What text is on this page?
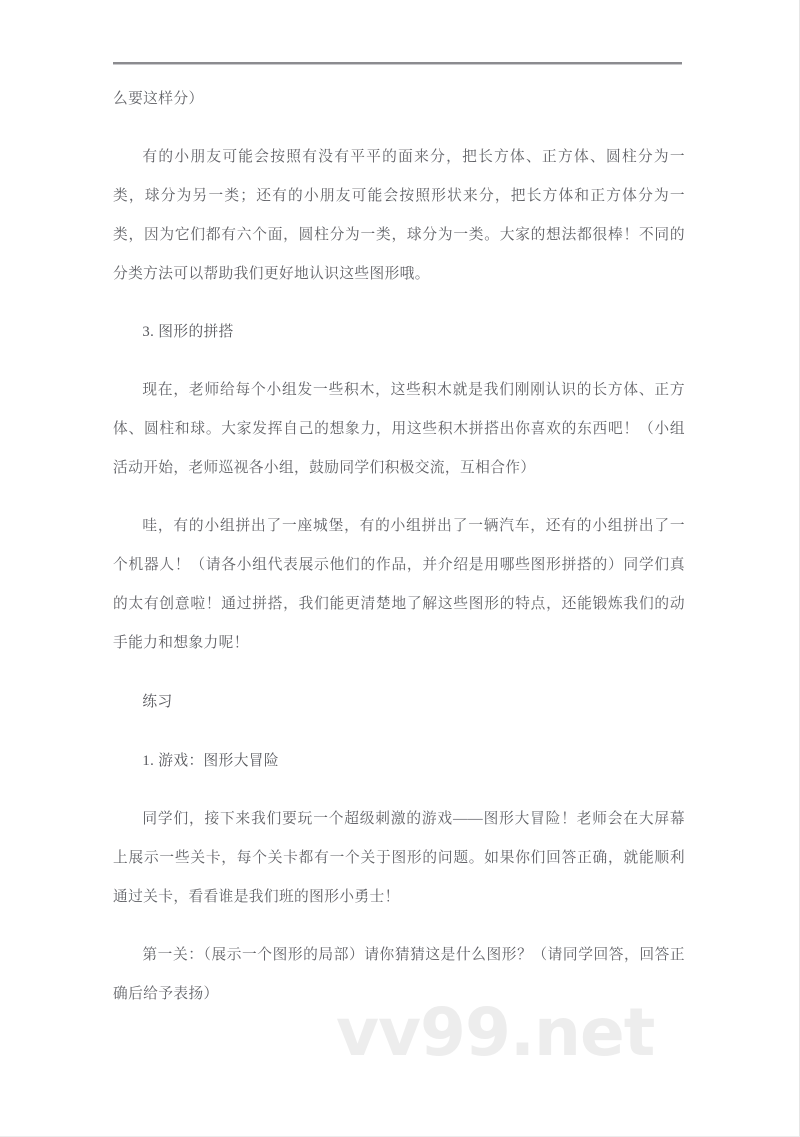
么要这样分）

有的小朋友可能会按照有没有平平的面来分，把长方体、正方体、圆柱分为一类，球分为另一类；还有的小朋友可能会按照形状来分，把长方体和正方体分为一类，因为它们都有六个面，圆柱分为一类，球分为一类。大家的想法都很棒！不同的分类方法可以帮助我们更好地认识这些图形哦。

3. 图形的拼搭

现在，老师给每个小组发一些积木，这些积木就是我们刚刚认识的长方体、正方体、圆柱和球。大家发挥自己的想象力，用这些积木拼搭出你喜欢的东西吧！（小组活动开始，老师巡视各小组，鼓励同学们积极交流，互相合作）

哇，有的小组拼出了一座城堡，有的小组拼出了一辆汽车，还有的小组拼出了一个机器人！（请各小组代表展示他们的作品，并介绍是用哪些图形拼搭的）同学们真的太有创意啦！通过拼搭，我们能更清楚地了解这些图形的特点，还能锻炼我们的动手能力和想象力呢！

练习

1. 游戏：图形大冒险

同学们，接下来我们要玩一个超级刺激的游戏——图形大冒险！老师会在大屏幕上展示一些关卡，每个关卡都有一个关于图形的问题。如果你们回答正确，就能顺利通过关卡，看看谁是我们班的图形小勇士！

第一关：（展示一个图形的局部）请你猜猜这是什么图形？（请同学回答，回答正确后给予表扬）	vv99.net
